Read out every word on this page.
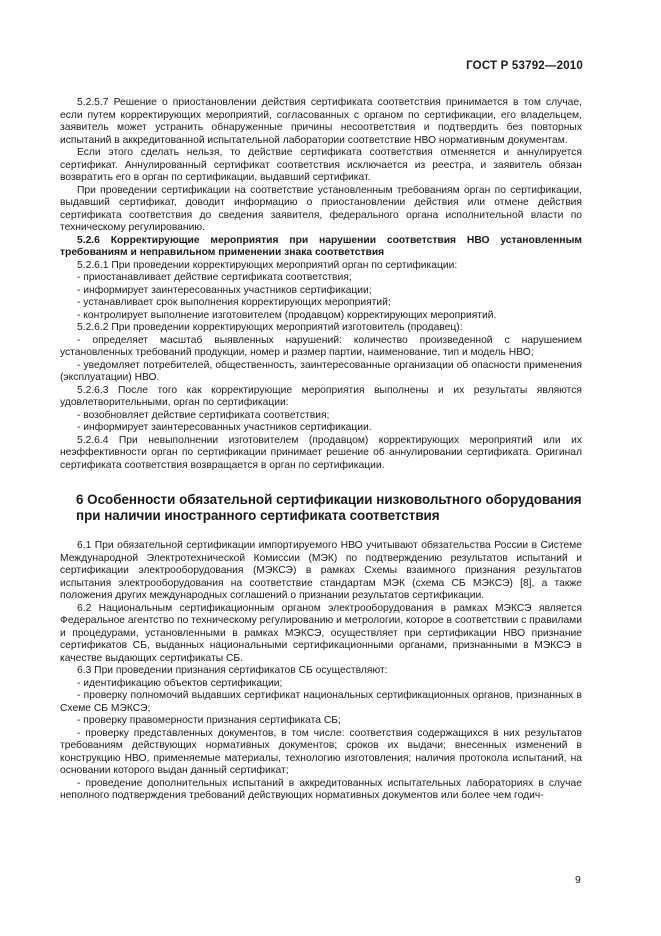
ГОСТ Р 53792—2010

5.2.5.7 Решение о приостановлении действия сертификата соответствия принимается в том случае, если путем корректирующих мероприятий, согласованных с органом по сертификации, его владельцем, заявитель может устранить обнаруженные причины несоответствия и подтвердить без повторных испытаний в аккредитованной испытательной лаборатории соответствие НВО нормативным документам.

Если этого сделать нельзя, то действие сертификата соответствия отменяется и аннулируется сертификат. Аннулированный сертификат соответствия исключается из реестра, и заявитель обязан возвратить его в орган по сертификации, выдавший сертификат.

При проведении сертификации на соответствие установленным требованиям орган по сертификации, выдавший сертификат, доводит информацию о приостановлении действия или отмене действия сертификата соответствия до сведения заявителя, федерального органа исполнительной власти по техническому регулированию.

5.2.6 Корректирующие мероприятия при нарушении соответствия НВО установленным требованиям и неправильном применении знака соответствия

5.2.6.1 При проведении корректирующих мероприятий орган по сертификации:

- приостанавливает действие сертификата соответствия;

- информирует заинтересованных участников сертификации;

- устанавливает срок выполнения корректирующих мероприятий;

- контролирует выполнение изготовителем (продавцом) корректирующих мероприятий.

5.2.6.2 При проведении корректирующих мероприятий изготовитель (продавец):

- определяет масштаб выявленных нарушений: количество произведенной с нарушением установленных требований продукции, номер и размер партии, наименование, тип и модель НВО;

- уведомляет потребителей, общественность, заинтересованные организации об опасности применения (эксплуатации) НВО.

5.2.6.3 После того как корректирующие мероприятия выполнены и их результаты являются удовлетворительными, орган по сертификации:

- возобновляет действие сертификата соответствия;

- информирует заинтересованных участников сертификации.

5.2.6.4 При невыполнении изготовителем (продавцом) корректирующих мероприятий или их неэффективности орган по сертификации принимает решение об аннулировании сертификата. Оригинал сертификата соответствия возвращается в орган по сертификации.

6 Особенности обязательной сертификации низковольтного оборудования при наличии иностранного сертификата соответствия

6.1 При обязательной сертификации импортируемого НВО учитывают обязательства России в Системе Международной Электротехнической Комиссии (МЭК) по подтверждению результатов испытаний и сертификации электрооборудования (МЭКСЭ) в рамках Схемы взаимного признания результатов испытания электрооборудования на соответствие стандартам МЭК (схема СБ МЭКСЭ) [8], а также положения других международных соглашений о признании результатов сертификации.

6.2 Национальным сертификационным органом электрооборудования в рамках МЭКСЭ является Федеральное агентство по техническому регулированию и метрологии, которое в соответствии с правилами и процедурами, установленными в рамках МЭКСЭ, осуществляет при сертификации НВО признание сертификатов СБ, выданных национальными сертификационными органами, признанными в МЭКСЭ в качестве выдающих сертификаты СБ.

6.3 При проведении признания сертификатов СБ осуществляют:

- идентификацию объектов сертификации;

- проверку полномочий выдавших сертификат национальных сертификационных органов, признанных в Схеме СБ МЭКСЭ;

- проверку правомерности признания сертификата СБ;

- проверку представленных документов, в том числе: соответствия содержащихся в них результатов требованиям действующих нормативных документов; сроков их выдачи; внесенных изменений в конструкцию НВО, применяемые материалы, технологию изготовления; наличия протокола испытаний, на основании которого выдан данный сертификат;

- проведение дополнительных испытаний в аккредитованных испытательных лабораториях в случае неполного подтверждения требований действующих нормативных документов или более чем годич-

9
